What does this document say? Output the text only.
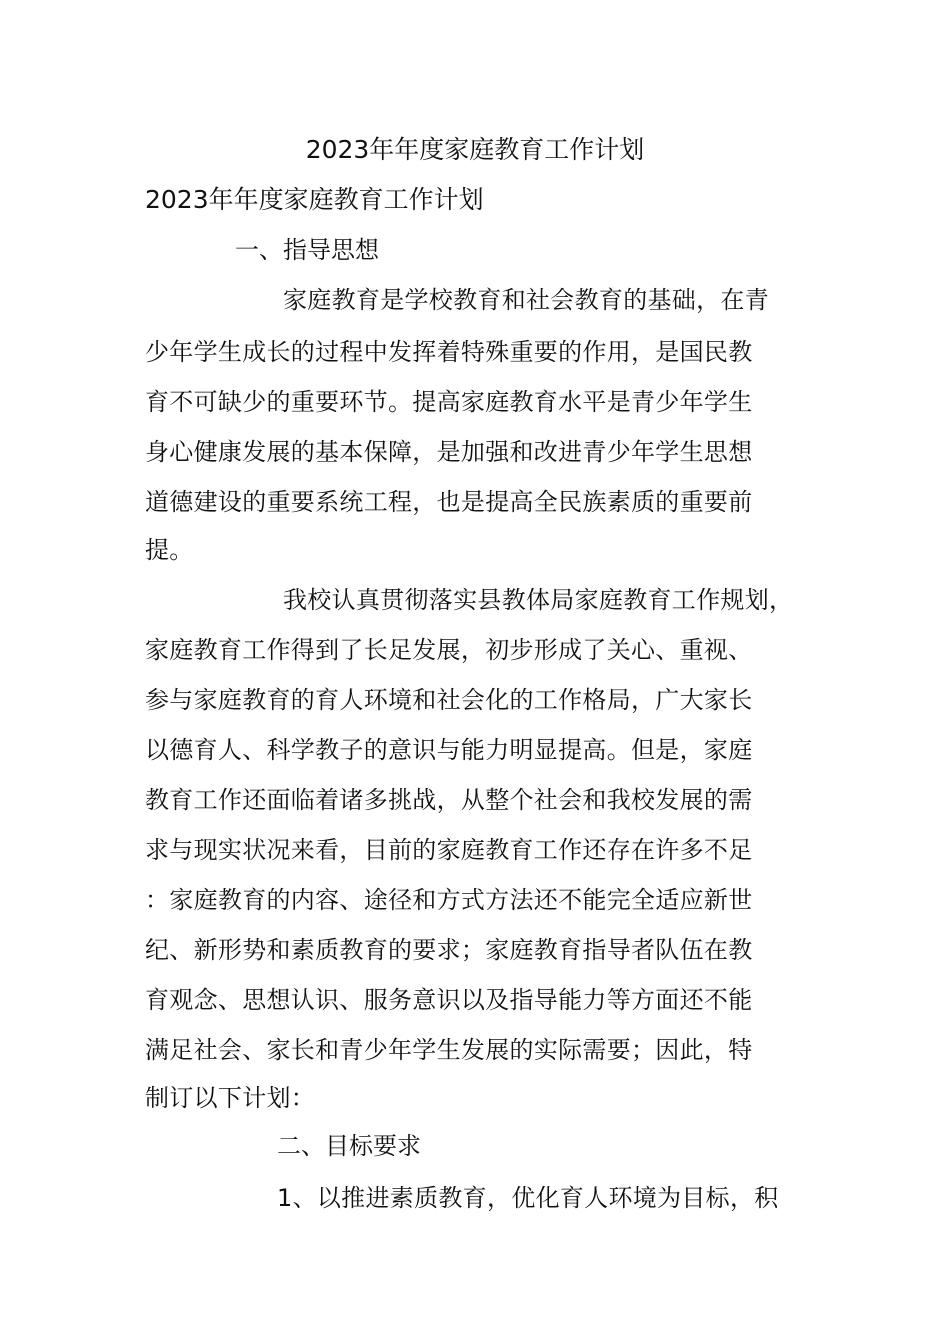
2023年年度家庭教育工作计划
2023年年度家庭教育工作计划
一、指导思想

家庭教育是学校教育和社会教育的基础，在青

少年学生成长的过程中发挥着特殊重要的作用，是国民教

育不可缺少的重要环节。提高家庭教育水平是青少年学生

身心健康发展的基本保障，是加强和改进青少年学生思想

道德建设的重要系统工程，也是提高全民族素质的重要前

提。

我校认真贯彻落实县教体局家庭教育工作规划，

家庭教育工作得到了长足发展，初步形成了关心、重视、

参与家庭教育的育人环境和社会化的工作格局，广大家长

以德育人、科学教子的意识与能力明显提高。但是，家庭

教育工作还面临着诸多挑战，从整个社会和我校发展的需

求与现实状况来看，目前的家庭教育工作还存在许多不足

：家庭教育的内容、途径和方式方法还不能完全适应新世

纪、新形势和素质教育的要求；家庭教育指导者队伍在教

育观念、思想认识、服务意识以及指导能力等方面还不能

满足社会、家长和青少年学生发展的实际需要；因此，特

制订以下计划：

二、目标要求

1、以推进素质教育，优化育人环境为目标，积
